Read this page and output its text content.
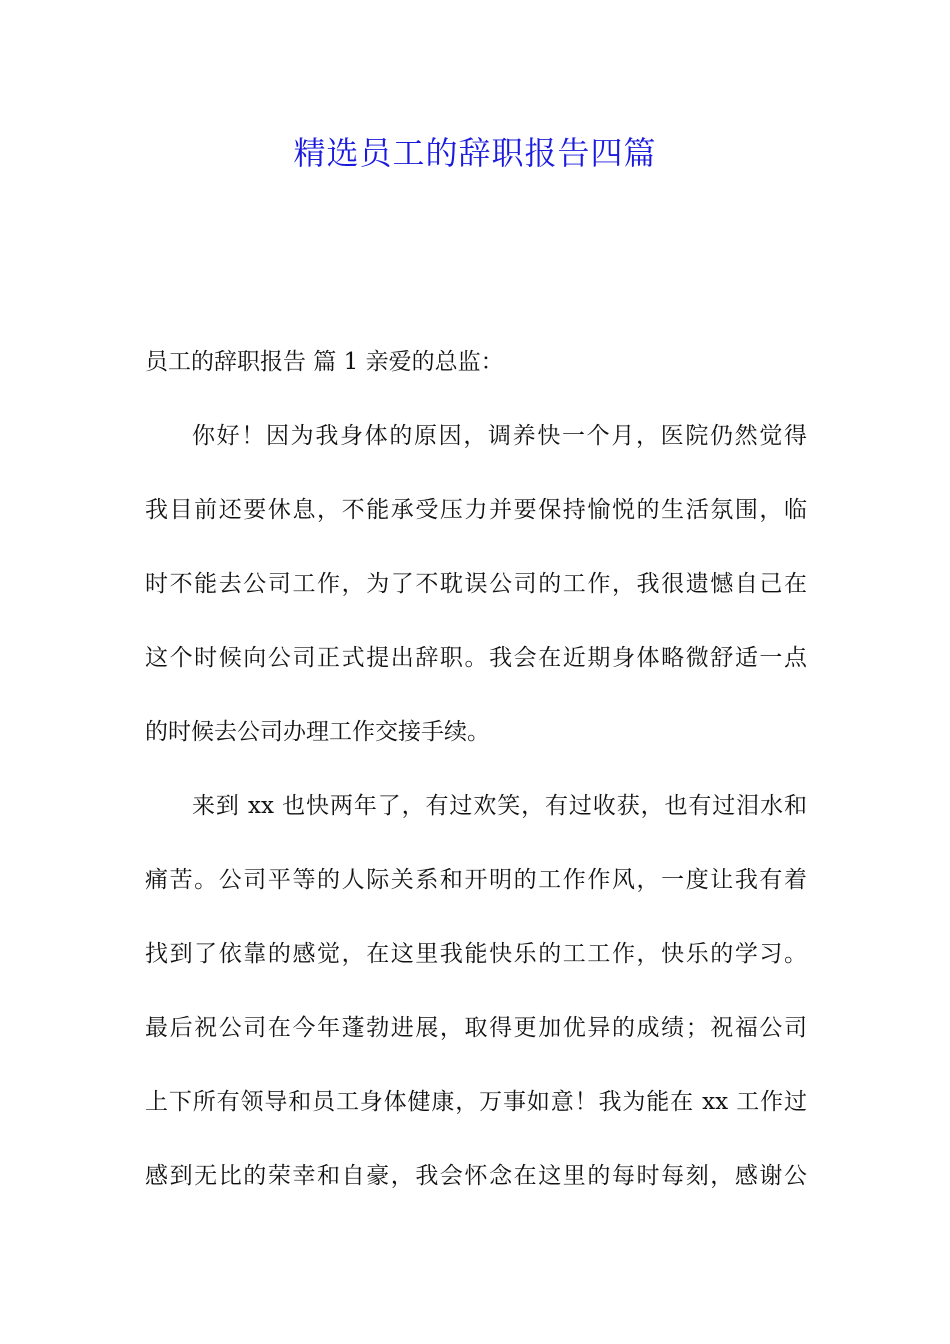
精选员工的辞职报告四篇
员工的辞职报告 篇 1 亲爱的总监：
你好！因为我身体的原因，调养快一个月，医院仍然觉得
我目前还要休息，不能承受压力并要保持愉悦的生活氛围，临
时不能去公司工作，为了不耽误公司的工作，我很遗憾自己在
这个时候向公司正式提出辞职。我会在近期身体略微舒适一点
的时候去公司办理工作交接手续。
来到 xx 也快两年了，有过欢笑，有过收获，也有过泪水和
痛苦。公司平等的人际关系和开明的工作作风，一度让我有着
找到了依靠的感觉，在这里我能快乐的工工作，快乐的学习。
最后祝公司在今年蓬勃进展，取得更加优异的成绩；祝福公司
上下所有领导和员工身体健康，万事如意！我为能在 xx 工作过
感到无比的荣幸和自豪，我会怀念在这里的每时每刻，感谢公
